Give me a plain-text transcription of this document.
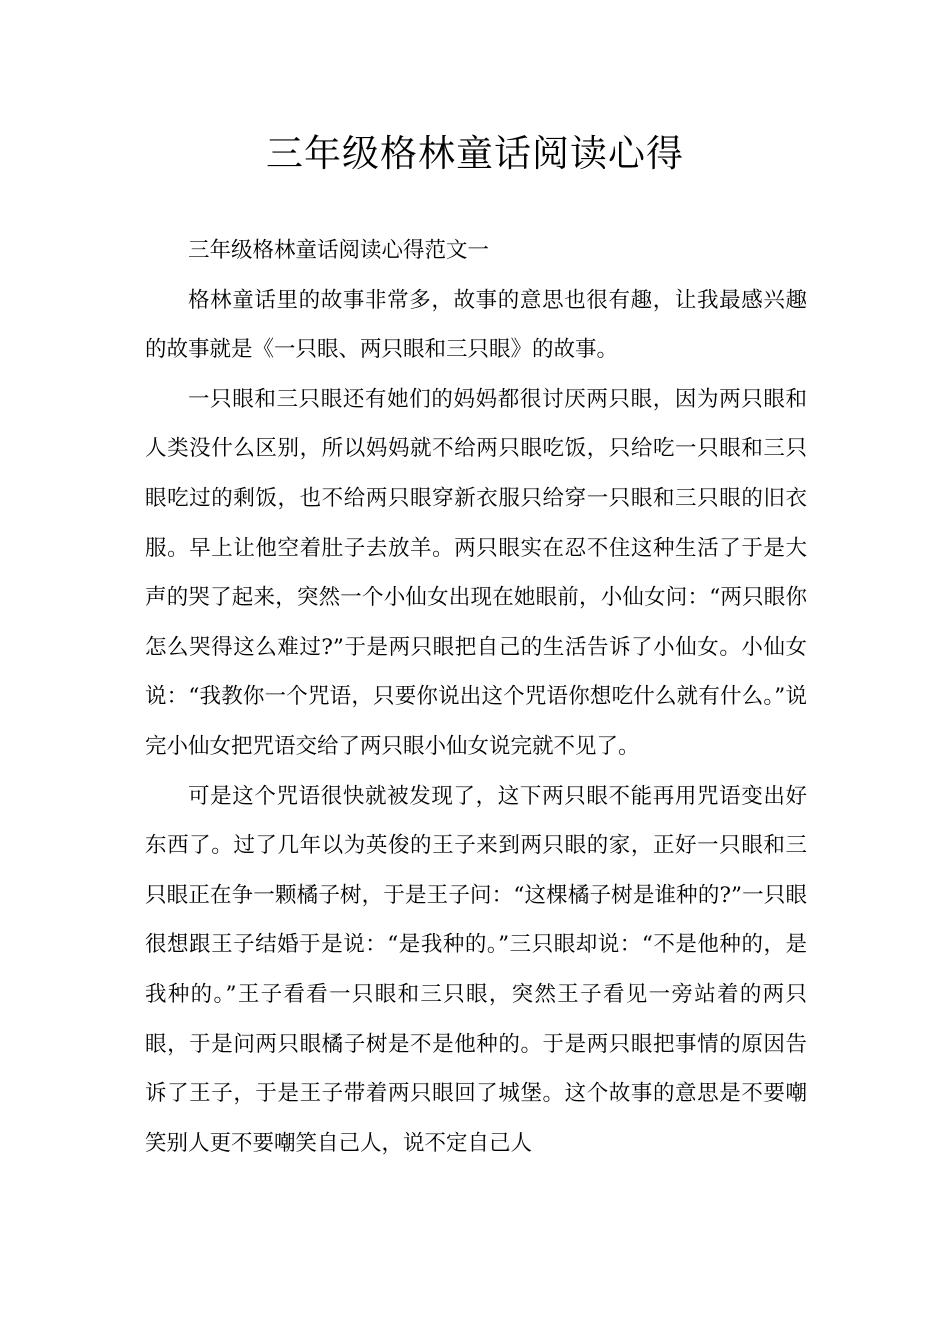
三年级格林童话阅读心得

三年级格林童话阅读心得范文一

格林童话里的故事非常多，故事的意思也很有趣，让我最感兴趣的故事就是《一只眼、两只眼和三只眼》的故事。

一只眼和三只眼还有她们的妈妈都很讨厌两只眼，因为两只眼和人类没什么区别，所以妈妈就不给两只眼吃饭，只给吃一只眼和三只眼吃过的剩饭，也不给两只眼穿新衣服只给穿一只眼和三只眼的旧衣服。早上让他空着肚子去放羊。两只眼实在忍不住这种生活了于是大声的哭了起来，突然一个小仙女出现在她眼前，小仙女问：“两只眼你怎么哭得这么难过?”于是两只眼把自己的生活告诉了小仙女。小仙女说：“我教你一个咒语，只要你说出这个咒语你想吃什么就有什么。”说完小仙女把咒语交给了两只眼小仙女说完就不见了。

可是这个咒语很快就被发现了，这下两只眼不能再用咒语变出好东西了。过了几年以为英俊的王子来到两只眼的家，正好一只眼和三只眼正在争一颗橘子树，于是王子问：“这棵橘子树是谁种的?”一只眼很想跟王子结婚于是说：“是我种的。”三只眼却说：“不是他种的，是我种的。”王子看看一只眼和三只眼，突然王子看见一旁站着的两只眼，于是问两只眼橘子树是不是他种的。于是两只眼把事情的原因告诉了王子，于是王子带着两只眼回了城堡。这个故事的意思是不要嘲笑别人更不要嘲笑自己人，说不定自己人
